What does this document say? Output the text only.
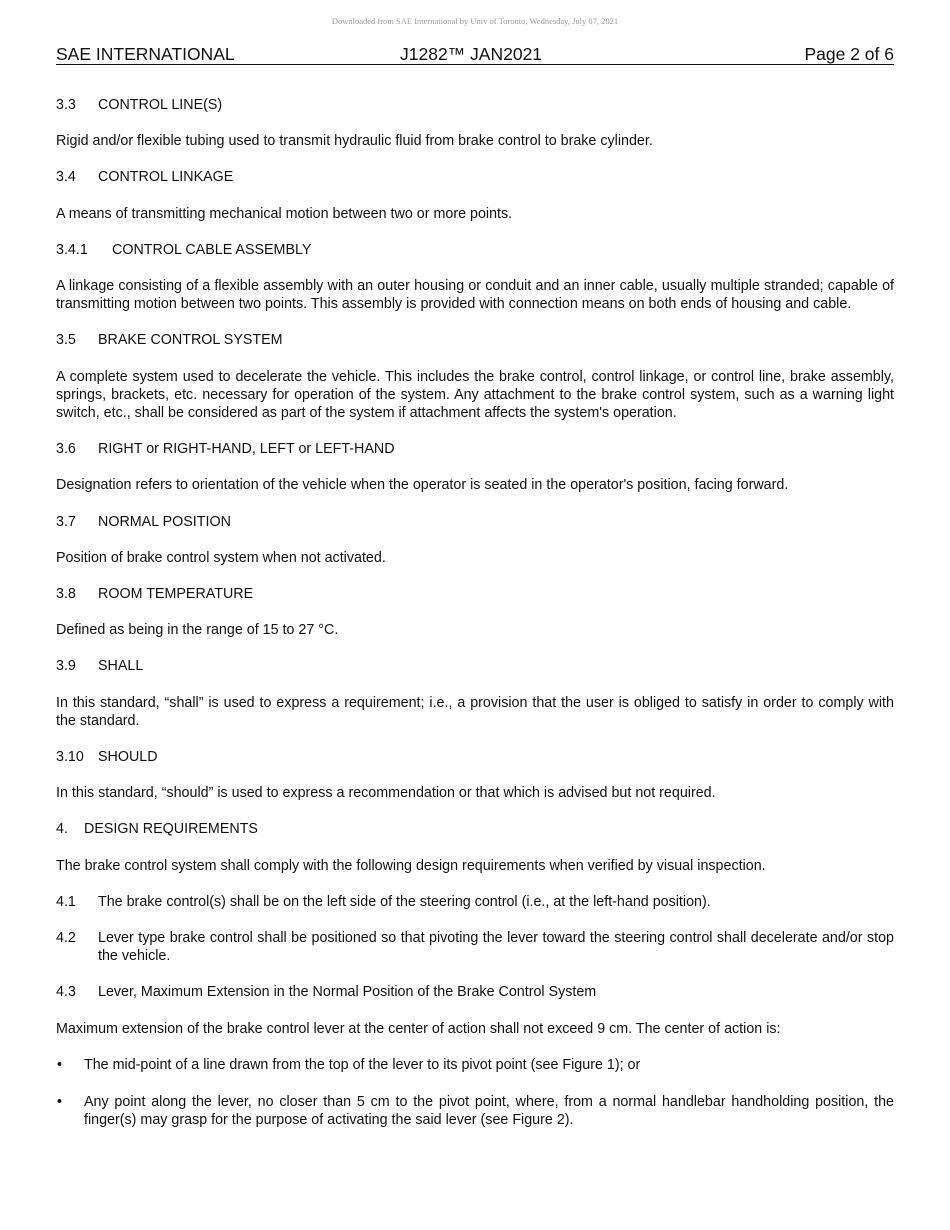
Downloaded from SAE International by Univ of Toronto, Wednesday, July 07, 2021
SAE INTERNATIONAL	J1282™ JAN2021	Page 2 of 6
3.3 CONTROL LINE(S)
Rigid and/or flexible tubing used to transmit hydraulic fluid from brake control to brake cylinder.
3.4 CONTROL LINKAGE
A means of transmitting mechanical motion between two or more points.
3.4.1 CONTROL CABLE ASSEMBLY
A linkage consisting of a flexible assembly with an outer housing or conduit and an inner cable, usually multiple stranded; capable of transmitting motion between two points. This assembly is provided with connection means on both ends of housing and cable.
3.5 BRAKE CONTROL SYSTEM
A complete system used to decelerate the vehicle. This includes the brake control, control linkage, or control line, brake assembly, springs, brackets, etc. necessary for operation of the system. Any attachment to the brake control system, such as a warning light switch, etc., shall be considered as part of the system if attachment affects the system's operation.
3.6 RIGHT or RIGHT-HAND, LEFT or LEFT-HAND
Designation refers to orientation of the vehicle when the operator is seated in the operator's position, facing forward.
3.7 NORMAL POSITION
Position of brake control system when not activated.
3.8 ROOM TEMPERATURE
Defined as being in the range of 15 to 27 °C.
3.9 SHALL
In this standard, “shall” is used to express a requirement; i.e., a provision that the user is obliged to satisfy in order to comply with the standard.
3.10 SHOULD
In this standard, “should” is used to express a recommendation or that which is advised but not required.
4. DESIGN REQUIREMENTS
The brake control system shall comply with the following design requirements when verified by visual inspection.
4.1 The brake control(s) shall be on the left side of the steering control (i.e., at the left-hand position).
4.2 Lever type brake control shall be positioned so that pivoting the lever toward the steering control shall decelerate and/or stop the vehicle.
4.3 Lever, Maximum Extension in the Normal Position of the Brake Control System
Maximum extension of the brake control lever at the center of action shall not exceed 9 cm. The center of action is:
• The mid-point of a line drawn from the top of the lever to its pivot point (see Figure 1); or
• Any point along the lever, no closer than 5 cm to the pivot point, where, from a normal handlebar handholding position, the finger(s) may grasp for the purpose of activating the said lever (see Figure 2).
